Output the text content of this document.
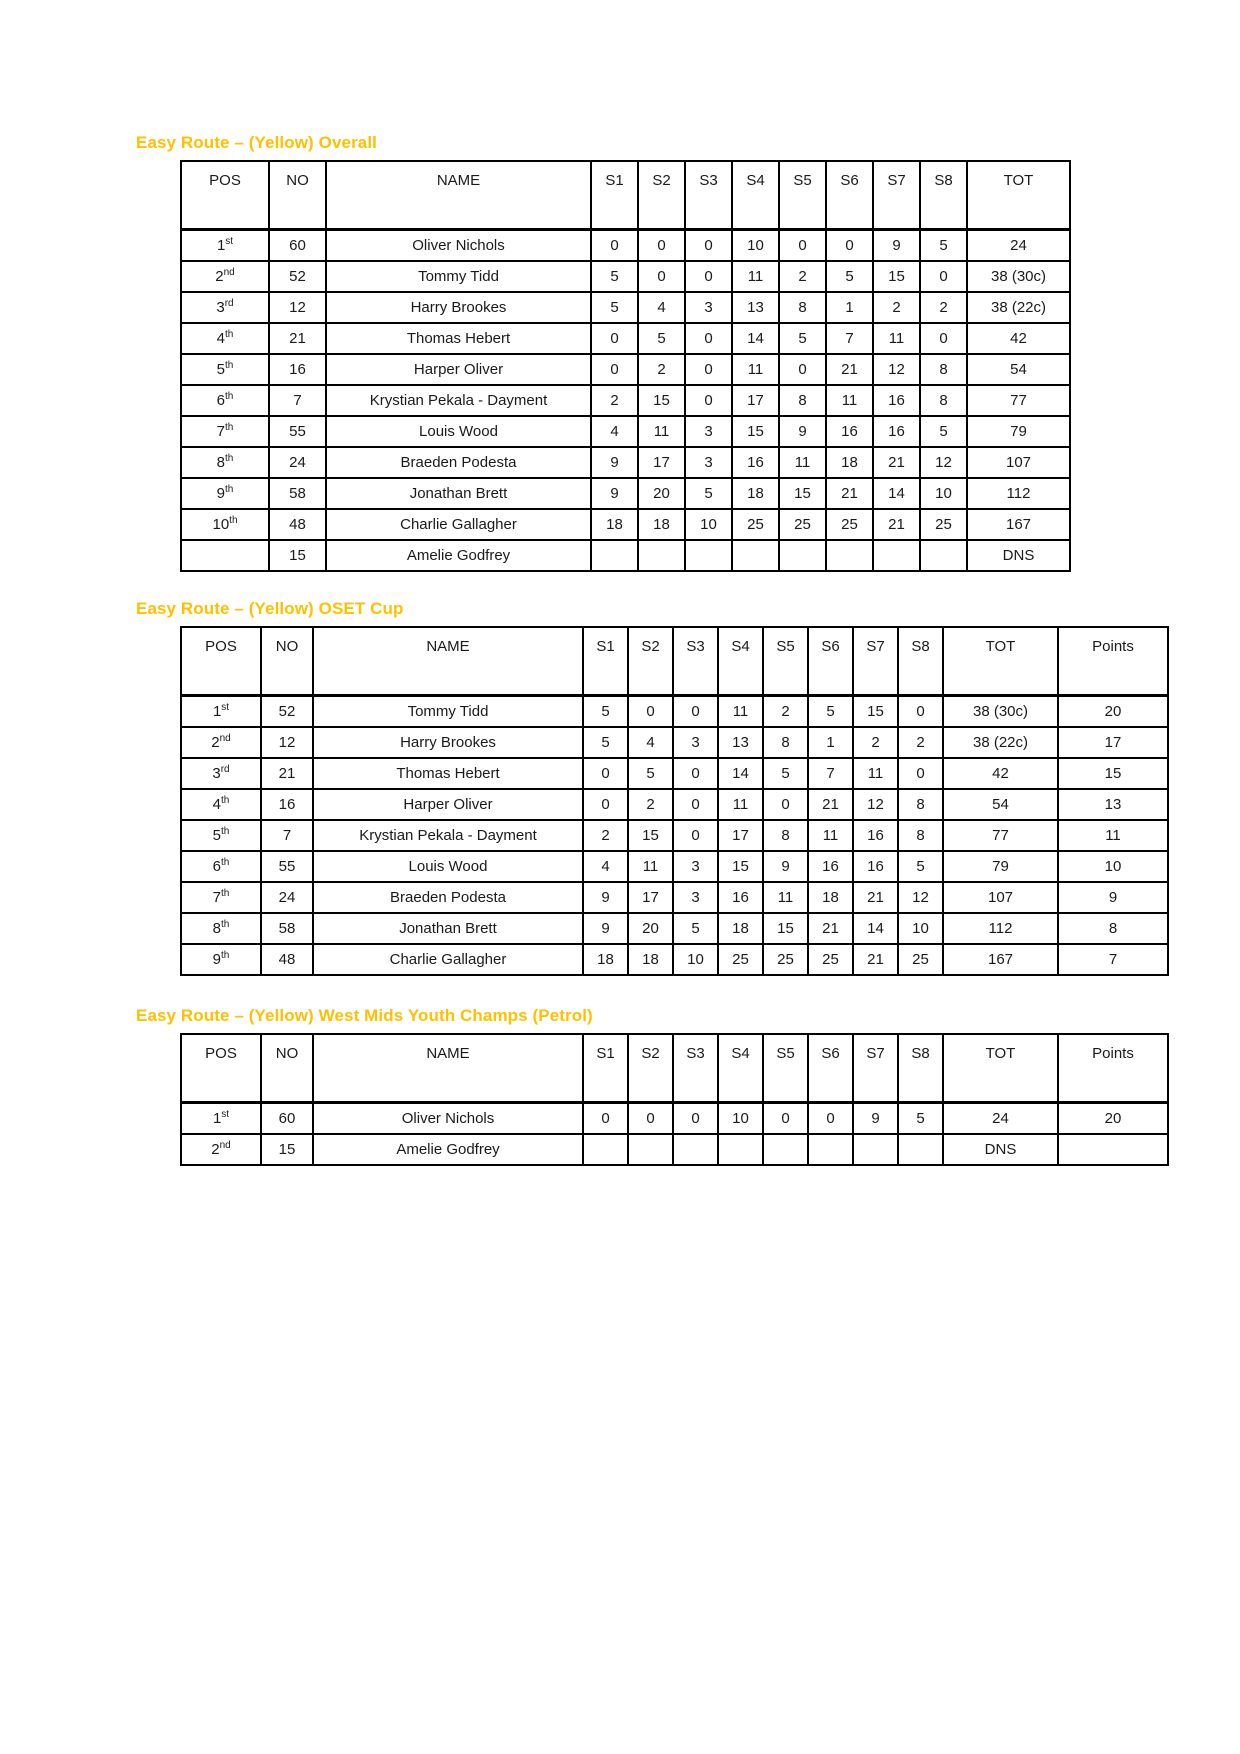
Easy Route – (Yellow) Overall
POS	NO	NAME	S1	S2	S3	S4	S5	S6	S7	S8	TOT
1st	60	Oliver Nichols	0	0	0	10	0	0	9	5	24
2nd	52	Tommy Tidd	5	0	0	11	2	5	15	0	38 (30c)
3rd	12	Harry Brookes	5	4	3	13	8	1	2	2	38 (22c)
4th	21	Thomas Hebert	0	5	0	14	5	7	11	0	42
5th	16	Harper Oliver	0	2	0	11	0	21	12	8	54
6th	7	Krystian Pekala - Dayment	2	15	0	17	8	11	16	8	77
7th	55	Louis Wood	4	11	3	15	9	16	16	5	79
8th	24	Braeden Podesta	9	17	3	16	11	18	21	12	107
9th	58	Jonathan Brett	9	20	5	18	15	21	14	10	112
10th	48	Charlie Gallagher	18	18	10	25	25	25	21	25	167
	15	Amelie Godfrey									DNS
Easy Route – (Yellow) OSET Cup
POS	NO	NAME	S1	S2	S3	S4	S5	S6	S7	S8	TOT	Points
1st	52	Tommy Tidd	5	0	0	11	2	5	15	0	38 (30c)	20
2nd	12	Harry Brookes	5	4	3	13	8	1	2	2	38 (22c)	17
3rd	21	Thomas Hebert	0	5	0	14	5	7	11	0	42	15
4th	16	Harper Oliver	0	2	0	11	0	21	12	8	54	13
5th	7	Krystian Pekala - Dayment	2	15	0	17	8	11	16	8	77	11
6th	55	Louis Wood	4	11	3	15	9	16	16	5	79	10
7th	24	Braeden Podesta	9	17	3	16	11	18	21	12	107	9
8th	58	Jonathan Brett	9	20	5	18	15	21	14	10	112	8
9th	48	Charlie Gallagher	18	18	10	25	25	25	21	25	167	7
Easy Route – (Yellow) West Mids Youth Champs (Petrol)
POS	NO	NAME	S1	S2	S3	S4	S5	S6	S7	S8	TOT	Points
1st	60	Oliver Nichols	0	0	0	10	0	0	9	5	24	20
2nd	15	Amelie Godfrey									DNS	
